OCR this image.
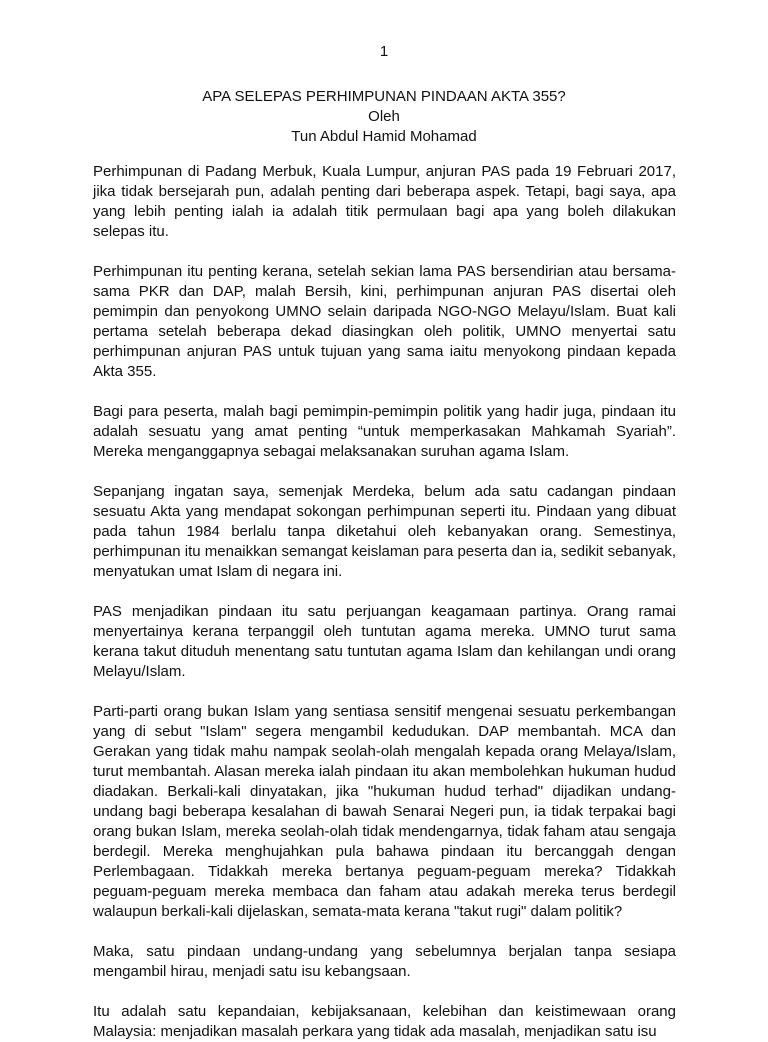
1
APA SELEPAS PERHIMPUNAN PINDAAN AKTA 355?
Oleh
Tun Abdul Hamid Mohamad

Perhimpunan di Padang Merbuk, Kuala Lumpur, anjuran PAS pada 19 Februari 2017, jika tidak bersejarah pun, adalah penting dari beberapa aspek. Tetapi, bagi saya, apa yang lebih penting ialah ia adalah titik permulaan bagi apa yang boleh dilakukan selepas itu.

Perhimpunan itu penting kerana, setelah sekian lama PAS bersendirian atau bersama-sama PKR dan DAP, malah Bersih, kini, perhimpunan anjuran PAS disertai oleh pemimpin dan penyokong UMNO selain daripada NGO-NGO Melayu/Islam. Buat kali pertama setelah beberapa dekad diasingkan oleh politik, UMNO menyertai satu perhimpunan anjuran PAS untuk tujuan yang sama iaitu menyokong pindaan kepada Akta 355.

Bagi para peserta, malah bagi pemimpin-pemimpin politik yang hadir juga, pindaan itu adalah sesuatu yang amat penting “untuk memperkasakan Mahkamah Syariah”. Mereka menganggapnya sebagai melaksanakan suruhan agama Islam.

Sepanjang ingatan saya, semenjak Merdeka, belum ada satu cadangan pindaan sesuatu Akta yang mendapat sokongan perhimpunan seperti itu. Pindaan yang dibuat pada tahun 1984 berlalu tanpa diketahui oleh kebanyakan orang. Semestinya, perhimpunan itu menaikkan semangat keislaman para peserta dan ia, sedikit sebanyak, menyatukan umat Islam di negara ini.

PAS menjadikan pindaan itu satu perjuangan keagamaan partinya. Orang ramai menyertainya kerana terpanggil oleh tuntutan agama mereka. UMNO turut sama kerana takut dituduh menentang satu tuntutan agama Islam dan kehilangan undi orang Melayu/Islam.

Parti-parti orang bukan Islam yang sentiasa sensitif mengenai sesuatu perkembangan yang di sebut "Islam" segera mengambil kedudukan. DAP membantah. MCA dan Gerakan yang tidak mahu nampak seolah-olah mengalah kepada orang Melaya/Islam, turut membantah. Alasan mereka ialah pindaan itu akan membolehkan hukuman hudud diadakan. Berkali-kali dinyatakan, jika "hukuman hudud terhad" dijadikan undang-undang bagi beberapa kesalahan di bawah Senarai Negeri pun, ia tidak terpakai bagi orang bukan Islam, mereka seolah-olah tidak mendengarnya, tidak faham atau sengaja berdegil. Mereka menghujahkan pula bahawa pindaan itu bercanggah dengan Perlembagaan. Tidakkah mereka bertanya peguam-peguam mereka? Tidakkah peguam-peguam mereka membaca dan faham atau adakah mereka terus berdegil walaupun berkali-kali dijelaskan, semata-mata kerana "takut rugi" dalam politik?

Maka, satu pindaan undang-undang yang sebelumnya berjalan tanpa sesiapa mengambil hirau, menjadi satu isu kebangsaan.

Itu adalah satu kepandaian, kebijaksanaan, kelebihan dan keistimewaan orang Malaysia: menjadikan masalah perkara yang tidak ada masalah, menjadikan satu isu
